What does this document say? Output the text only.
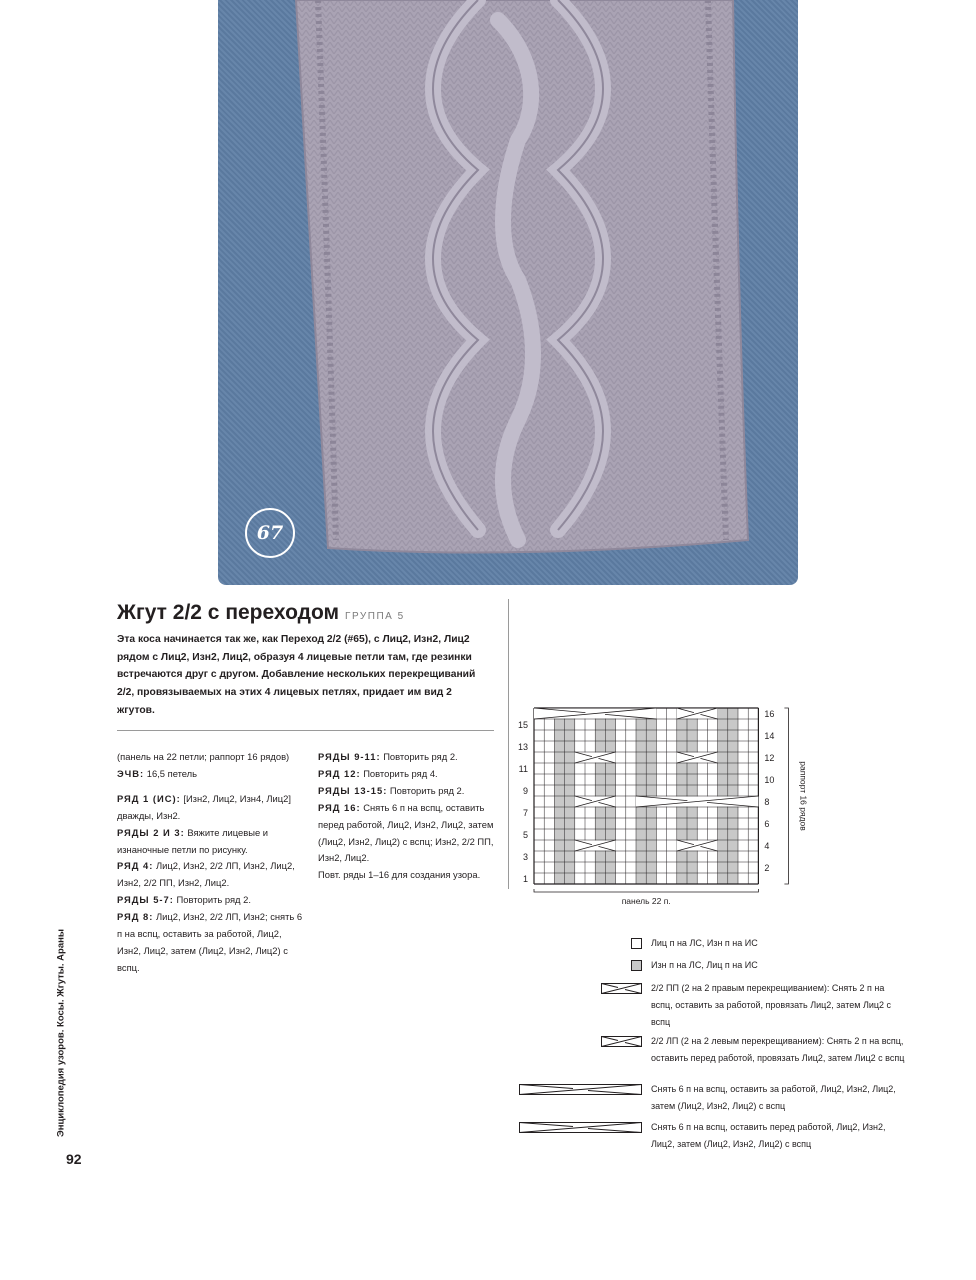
67
Жгут 2/2 с переходом ГРУППА 5
Эта коса начинается так же, как Переход 2/2 (#65), с Лиц2, Изн2, Лиц2 рядом с Лиц2, Изн2, Лиц2, образуя 4 лицевые петли там, где резинки встречаются друг с другом. Добавление нескольких перекрещиваний 2/2, провязываемых на этих 4 лицевых петлях, придает им вид 2 жгутов.

(панель на 22 петли; раппорт 16 рядов)

ЭЧВ: 16,5 петель

РЯД 1 (ИС): [Изн2, Лиц2, Изн4, Лиц2] дважды, Изн2.

РЯДЫ 2 И 3: Вяжите лицевые и изнаночные петли по рисунку.

РЯД 4: Лиц2, Изн2, 2/2 ЛП, Изн2, Лиц2, Изн2, 2/2 ПП, Изн2, Лиц2.

РЯДЫ 5-7: Повторить ряд 2.

РЯД 8: Лиц2, Изн2, 2/2 ЛП, Изн2; снять 6 п на вспц, оставить за работой, Лиц2, Изн2, Лиц2, затем (Лиц2, Изн2, Лиц2) с вспц.

РЯДЫ 9-11: Повторить ряд 2.

РЯД 12: Повторить ряд 4.

РЯДЫ 13-15: Повторить ряд 2.

РЯД 16: Снять 6 п на вспц, оставить перед работой, Лиц2, Изн2, Лиц2, затем (Лиц2, Изн2, Лиц2) с вспц; Изн2, 2/2 ПП, Изн2, Лиц2.

Повт. ряды 1–16 для создания узора.

15
13
11
9
7
5
3
1
16
14
12
10
8
6
4
2
раппорт 16 рядов
панель 22 п.
Лиц п на ЛС, Изн п на ИС
Изн п на ЛС, Лиц п на ИС
2/2 ПП (2 на 2 правым перекрещиванием): Снять 2 п на вспц, оставить за работой, провязать Лиц2, затем Лиц2 с вспц
2/2 ЛП (2 на 2 левым перекрещиванием): Снять 2 п на вспц, оставить перед работой, провязать Лиц2, затем Лиц2 с вспц
Снять 6 п на вспц, оставить за работой, Лиц2, Изн2, Лиц2, затем (Лиц2, Изн2, Лиц2) с вспц
Снять 6 п на вспц, оставить перед работой, Лиц2, Изн2, Лиц2, затем (Лиц2, Изн2, Лиц2) с вспц
Энциклопедия узоров. Косы. Жгуты. Араны
92
